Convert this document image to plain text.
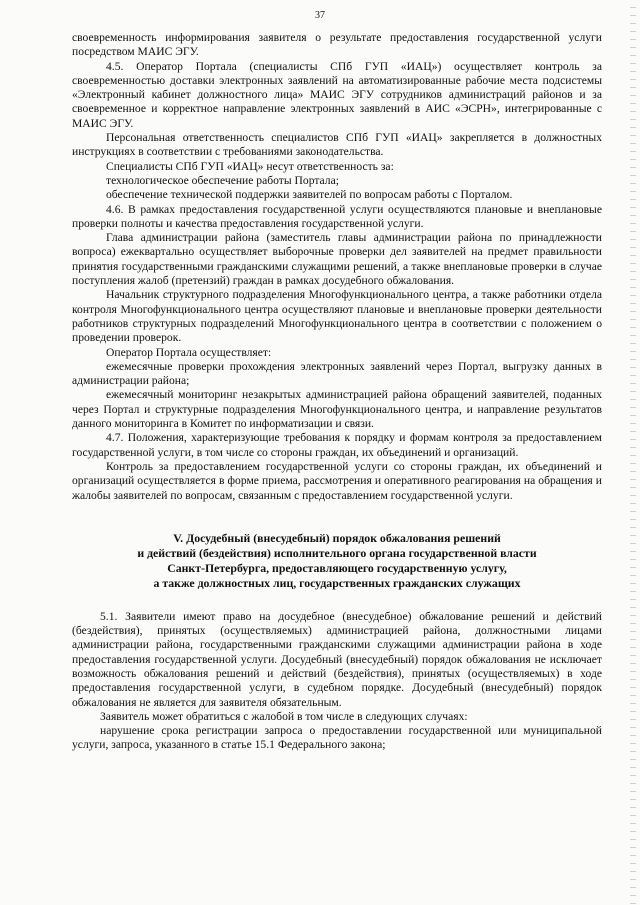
37

своевременность информирования заявителя о результате предоставления государственной услуги посредством МАИС ЭГУ.

4.5. Оператор Портала (специалисты СПб ГУП «ИАЦ») осуществляет контроль за своевременностью доставки электронных заявлений на автоматизированные рабочие места подсистемы «Электронный кабинет должностного лица» МАИС ЭГУ сотрудников администраций районов и за своевременное и корректное направление электронных заявлений в АИС «ЭСРН», интегрированные с МАИС ЭГУ.

Персональная ответственность специалистов СПб ГУП «ИАЦ» закрепляется в должностных инструкциях в соответствии с требованиями законодательства.

Специалисты СПб ГУП «ИАЦ» несут ответственность за:

технологическое обеспечение работы Портала;

обеспечение технической поддержки заявителей по вопросам работы с Порталом.

4.6. В рамках предоставления государственной услуги осуществляются плановые и внеплановые проверки полноты и качества предоставления государственной услуги.

Глава администрации района (заместитель главы администрации района по принадлежности вопроса) ежеквартально осуществляет выборочные проверки дел заявителей на предмет правильности принятия государственными гражданскими служащими решений, а также внеплановые проверки в случае поступления жалоб (претензий) граждан в рамках досудебного обжалования.

Начальник структурного подразделения Многофункционального центра, а также работники отдела контроля Многофункционального центра осуществляют плановые и внеплановые проверки деятельности работников структурных подразделений Многофункционального центра в соответствии с положением о проведении проверок.

Оператор Портала осуществляет:

ежемесячные проверки прохождения электронных заявлений через Портал, выгрузку данных в администрации района;

ежемесячный мониторинг незакрытых администрацией района обращений заявителей, поданных через Портал и структурные подразделения Многофункционального центра, и направление результатов данного мониторинга в Комитет по информатизации и связи.

4.7. Положения, характеризующие требования к порядку и формам контроля за предоставлением государственной услуги, в том числе со стороны граждан, их объединений и организаций.

Контроль за предоставлением государственной услуги со стороны граждан, их объединений и организаций осуществляется в форме приема, рассмотрения и оперативного реагирования на обращения и жалобы заявителей по вопросам, связанным с предоставлением государственной услуги.

V. Досудебный (внесудебный) порядок обжалования решений
и действий (бездействия) исполнительного органа государственной власти
Санкт-Петербурга, предоставляющего государственную услугу,
а также должностных лиц, государственных гражданских служащих

5.1. Заявители имеют право на досудебное (внесудебное) обжалование решений и действий (бездействия), принятых (осуществляемых) администрацией района, должностными лицами администрации района, государственными гражданскими служащими администрации района в ходе предоставления государственной услуги. Досудебный (внесудебный) порядок обжалования не исключает возможность обжалования решений и действий (бездействия), принятых (осуществляемых) в ходе предоставления государственной услуги, в судебном порядке. Досудебный (внесудебный) порядок обжалования не является для заявителя обязательным.

Заявитель может обратиться с жалобой в том числе в следующих случаях:

нарушение срока регистрации запроса о предоставлении государственной или муниципальной услуги, запроса, указанного в статье 15.1 Федерального закона;
